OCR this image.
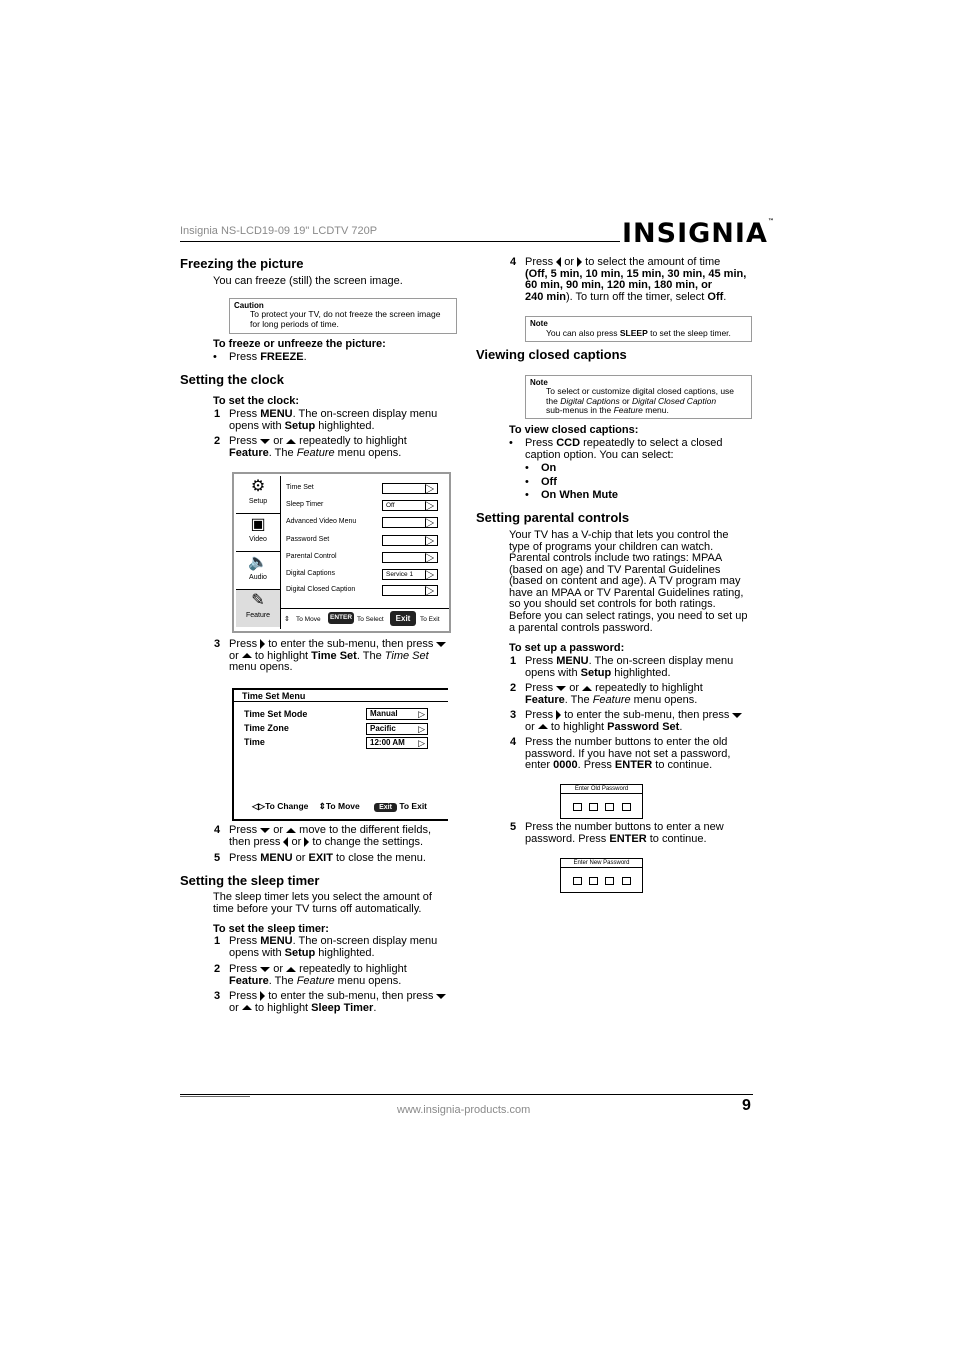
Insignia NS-LCD19-09 19" LCDTV 720P	INSIGNIA™
Freezing the picture
You can freeze (still) the screen image.
Caution
To protect your TV, do not freeze the screen image for long periods of time.
To freeze or unfreeze the picture:
• Press FREEZE.
Setting the clock
To set the clock:
1 Press MENU. The on-screen display menu opens with Setup highlighted.
2 Press or repeatedly to highlight
Feature. The Feature menu opens.
⚙
Setup
▣
Video
🔈
Audio
✎
Feature
Time Set
Sleep Timer	Off
Advanced Video Menu
Password Set
Parental Control
Digital Captions	Service 1
Digital Closed Caption
⇕ To Move	ENTER To Select	Exit	To Exit
3 Press to enter the sub-menu, then press
or to highlight Time Set. The Time Set
menu opens.
Time Set Menu
Time Set Mode	Manual ▷
Time Zone	Pacific ▷
Time	12:00 AM ▷
◁▷To Change ⇕To Move	Exit To Exit
4 Press or move to the different fields,
then press or to change the settings.
5 Press MENU or EXIT to close the menu.
Setting the sleep timer
The sleep timer lets you select the amount of time before your TV turns off automatically.
To set the sleep timer:
1 Press MENU. The on-screen display menu opens with Setup highlighted.
2 Press or repeatedly to highlight
Feature. The Feature menu opens.
3 Press to enter the sub-menu, then press
or to highlight Sleep Timer.
4 Press or to select the amount of time
(Off, 5 min, 10 min, 15 min, 30 min, 45 min,
60 min, 90 min, 120 min, 180 min, or
240 min). To turn off the timer, select Off.
Note
You can also press SLEEP to set the sleep timer.
Viewing closed captions
Note
To select or customize digital closed captions, use
the Digital Captions or Digital Closed Caption
sub-menus in the Feature menu.
To view closed captions:
• Press CCD repeatedly to select a closed
caption option. You can select:
• On
• Off
• On When Mute
Setting parental controls
Your TV has a V-chip that lets you control the
type of programs your children can watch.
Parental controls include two ratings: MPAA
(based on age) and TV Parental Guidelines
(based on content and age). A TV program may
have an MPAA or TV Parental Guidelines rating,
so you should set controls for both ratings.
Before you can select ratings, you need to set up
a parental controls password.
To set up a password:
1 Press MENU. The on-screen display menu
opens with Setup highlighted.
2 Press or repeatedly to highlight
Feature. The Feature menu opens.
3 Press to enter the sub-menu, then press
or to highlight Password Set.
4 Press the number buttons to enter the old
password. If you have not set a password,
enter 0000. Press ENTER to continue.
Enter Old Password
5 Press the number buttons to enter a new
password. Press ENTER to continue.
Enter New Password
www.insignia-products.com	9
